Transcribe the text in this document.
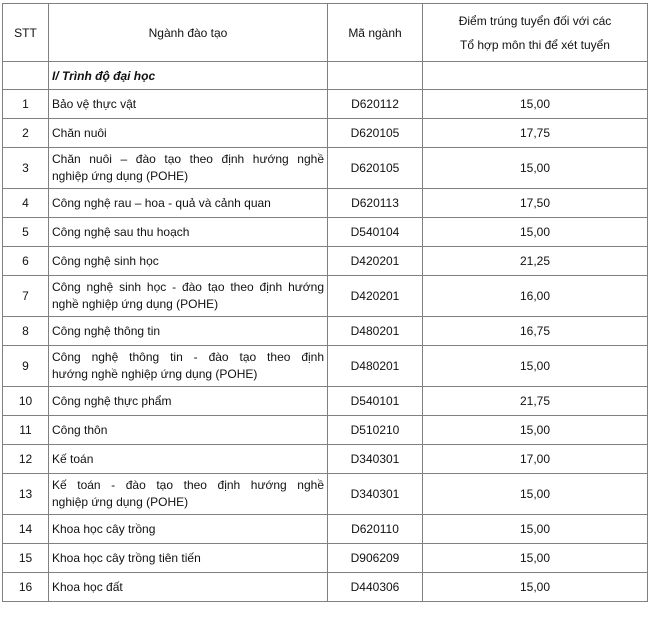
STT	Ngành đào tạo	Mã ngành	Điểm trúng tuyển đối với các
Tổ hợp môn thi để xét tuyển

	I/ Trình độ đại học		
1	Bảo vệ thực vật	D620112	15,00
2	Chăn nuôi	D620105	17,75
3	Chăn nuôi – đào tạo theo định hướng nghề
nghiệp ứng dụng (POHE)	D620105	15,00
4	Công nghệ rau – hoa - quả và cảnh quan	D620113	17,50
5	Công nghệ sau thu hoạch	D540104	15,00
6	Công nghệ sinh học	D420201	21,25
7	Công nghệ sinh học - đào tạo theo định hướng
nghề nghiệp ứng dụng (POHE)	D420201	16,00
8	Công nghệ thông tin	D480201	16,75
9	Công nghệ thông tin - đào tạo theo định
hướng nghề nghiệp ứng dụng (POHE)	D480201	15,00
10	Công nghệ thực phẩm	D540101	21,75
11	Công thôn	D510210	15,00
12	Kế toán	D340301	17,00
13	Kế toán - đào tạo theo định hướng nghề
nghiệp ứng dụng (POHE)	D340301	15,00
14	Khoa học cây trồng	D620110	15,00
15	Khoa học cây trồng tiên tiến	D906209	15,00
16	Khoa học đất	D440306	15,00
